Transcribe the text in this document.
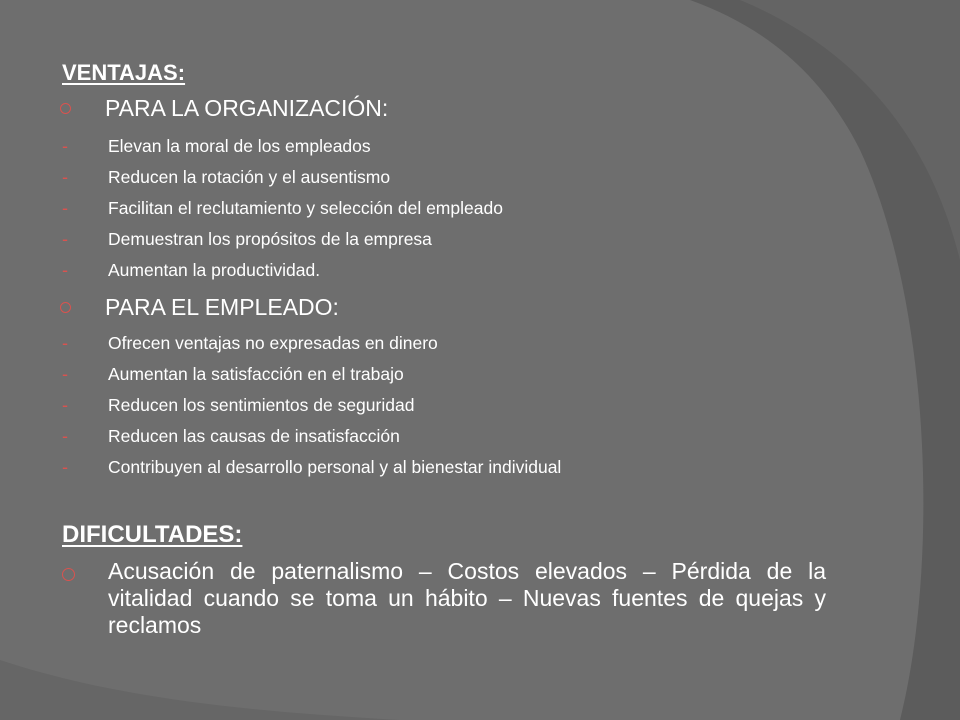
VENTAJAS:
PARA LA ORGANIZACIÓN:
-	Elevan la moral de los empleados
-	Reducen la rotación y el ausentismo
-	Facilitan el reclutamiento y selección del empleado
-	Demuestran los propósitos de la empresa
-	Aumentan la productividad.
PARA EL EMPLEADO:
-	Ofrecen ventajas no expresadas en dinero
-	Aumentan la satisfacción en el trabajo
-	Reducen los sentimientos de seguridad
-	Reducen las causas de insatisfacción
-	Contribuyen al desarrollo personal y al bienestar individual
DIFICULTADES:
Acusación de paternalismo – Costos elevados – Pérdida de la vitalidad cuando se toma un hábito – Nuevas fuentes de quejas y reclamos
